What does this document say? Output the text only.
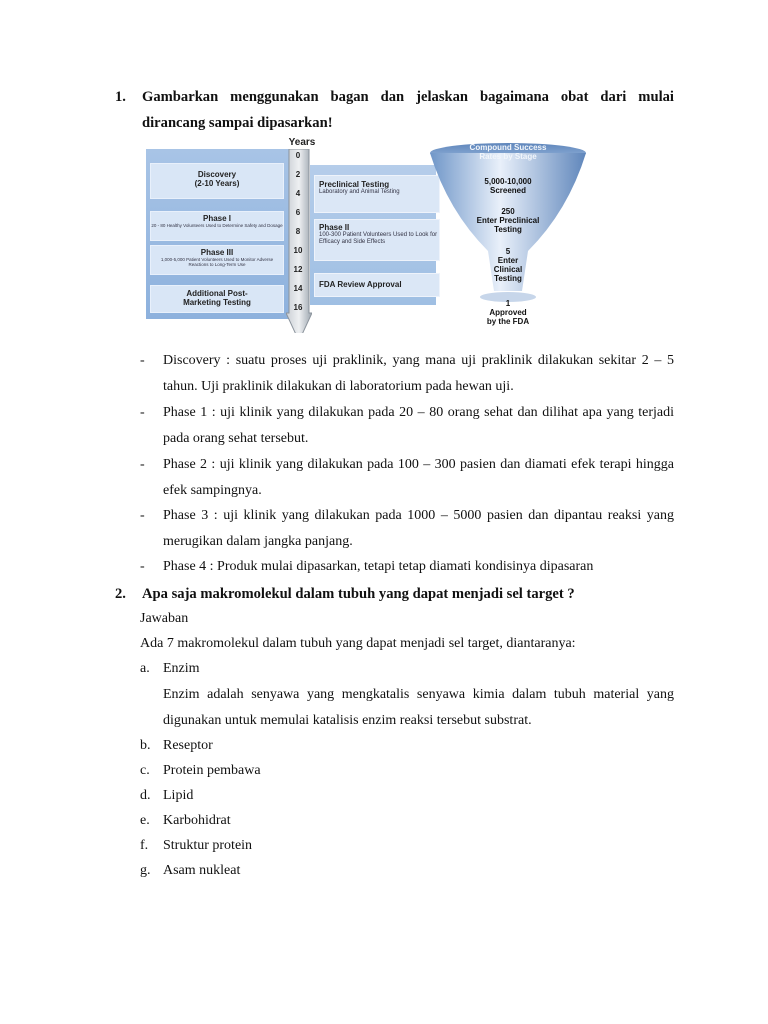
1. Gambarkan menggunakan bagan dan jelaskan bagaimana obat dari mulai dirancang sampai dipasarkan!
Years
0
2
4
6
8
10
12
14
16
Discovery
(2-10 Years)
Phase I
20 - 80 Healthy Volunteers Used to Determine Safety and Dosage
Phase III
1,000-5,000 Patient Volunteers Used to Monitor Adverse Reactions to Long-Term Use
Additional Post-
Marketing Testing
Preclinical Testing
Laboratory and Animal Testing
Phase II
100-300 Patient Volunteers Used to Look for Efficacy and Side Effects
FDA Review Approval
Compound Success
Rates by Stage
5,000-10,000
Screened
250
Enter Preclinical
Testing
5
Enter
Clinical
Testing
1
Approved
by the FDA
- Discovery : suatu proses uji praklinik, yang mana uji praklinik dilakukan sekitar 2 – 5 tahun. Uji praklinik dilakukan di laboratorium pada hewan uji.
- Phase 1 : uji klinik yang dilakukan pada 20 – 80 orang sehat dan dilihat apa yang terjadi pada orang sehat tersebut.
- Phase 2 : uji klinik yang dilakukan pada 100 – 300 pasien dan diamati efek terapi hingga efek sampingnya.
- Phase 3 : uji klinik yang dilakukan pada 1000 – 5000 pasien dan dipantau reaksi yang merugikan dalam jangka panjang.
- Phase 4 : Produk mulai dipasarkan, tetapi tetap diamati kondisinya dipasaran
2. Apa saja makromolekul dalam tubuh yang dapat menjadi sel target ?
Jawaban
Ada 7 makromolekul dalam tubuh yang dapat menjadi sel target, diantaranya:
a. Enzim
Enzim adalah senyawa yang mengkatalis senyawa kimia dalam tubuh material yang digunakan untuk memulai katalisis enzim reaksi tersebut substrat.
b. Reseptor
c. Protein pembawa
d. Lipid
e. Karbohidrat
f. Struktur protein
g. Asam nukleat
